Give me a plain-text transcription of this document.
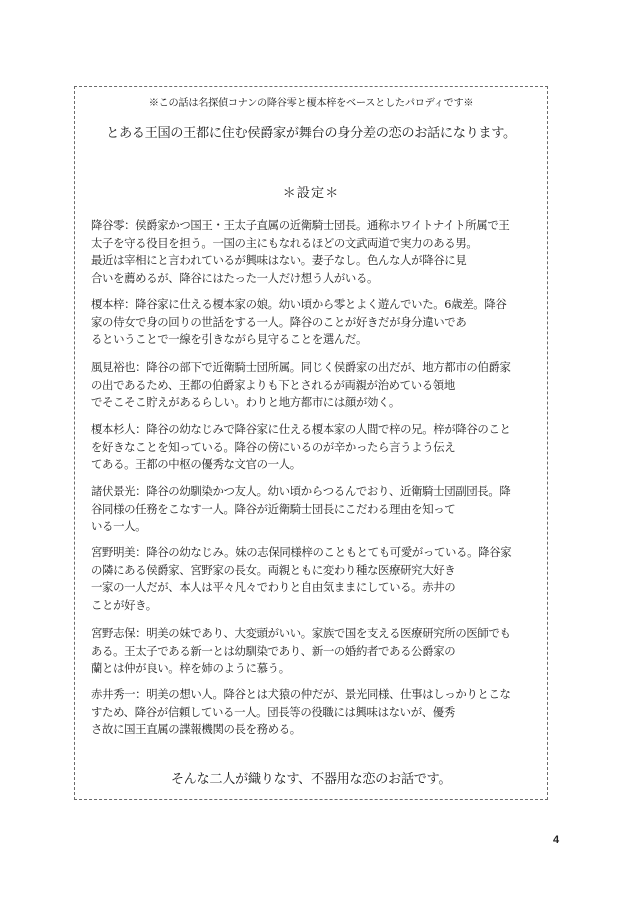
※この話は名探偵コナンの降谷零と榎本梓をベースとしたパロディです※
とある王国の王都に住む侯爵家が舞台の身分差の恋のお話になります。
＊設定＊
降谷零：侯爵家かつ国王・王太子直属の近衛騎士団長。通称ホワイトナイト所属で王
太子を守る役目を担う。一国の主にもなれるほどの文武両道で実力のある男。
最近は宰相にと言われているが興味はない。妻子なし。色んな人が降谷に見
合いを薦めるが、降谷にはたった一人だけ想う人がいる。
榎本梓：降谷家に仕える榎本家の娘。幼い頃から零とよく遊んでいた。6歳差。降谷
家の侍女で身の回りの世話をする一人。降谷のことが好きだが身分違いであ
るということで一線を引きながら見守ることを選んだ。
風見裕也：降谷の部下で近衛騎士団所属。同じく侯爵家の出だが、地方都市の伯爵家
の出であるため、王都の伯爵家よりも下とされるが両親が治めている領地
でそこそこ貯えがあるらしい。わりと地方都市には顔が効く。
榎本杉人：降谷の幼なじみで降谷家に仕える榎本家の人間で梓の兄。梓が降谷のこと
を好きなことを知っている。降谷の傍にいるのが辛かったら言うよう伝え
てある。王都の中枢の優秀な文官の一人。
諸伏景光：降谷の幼馴染かつ友人。幼い頃からつるんでおり、近衛騎士団副団長。降
谷同様の任務をこなす一人。降谷が近衛騎士団長にこだわる理由を知って
いる一人。
宮野明美：降谷の幼なじみ。妹の志保同様梓のこともとても可愛がっている。降谷家
の隣にある侯爵家、宮野家の長女。両親ともに変わり種な医療研究大好き
一家の一人だが、本人は平々凡々でわりと自由気ままにしている。赤井の
ことが好き。
宮野志保：明美の妹であり、大変頭がいい。家族で国を支える医療研究所の医師でも
ある。王太子である新一とは幼馴染であり、新一の婚約者である公爵家の
蘭とは仲が良い。梓を姉のように慕う。
赤井秀一：明美の想い人。降谷とは犬猿の仲だが、景光同様、仕事はしっかりとこな
すため、降谷が信頼している一人。団長等の役職には興味はないが、優秀
さ故に国王直属の諜報機関の長を務める。
そんな二人が織りなす、不器用な恋のお話です。
4
